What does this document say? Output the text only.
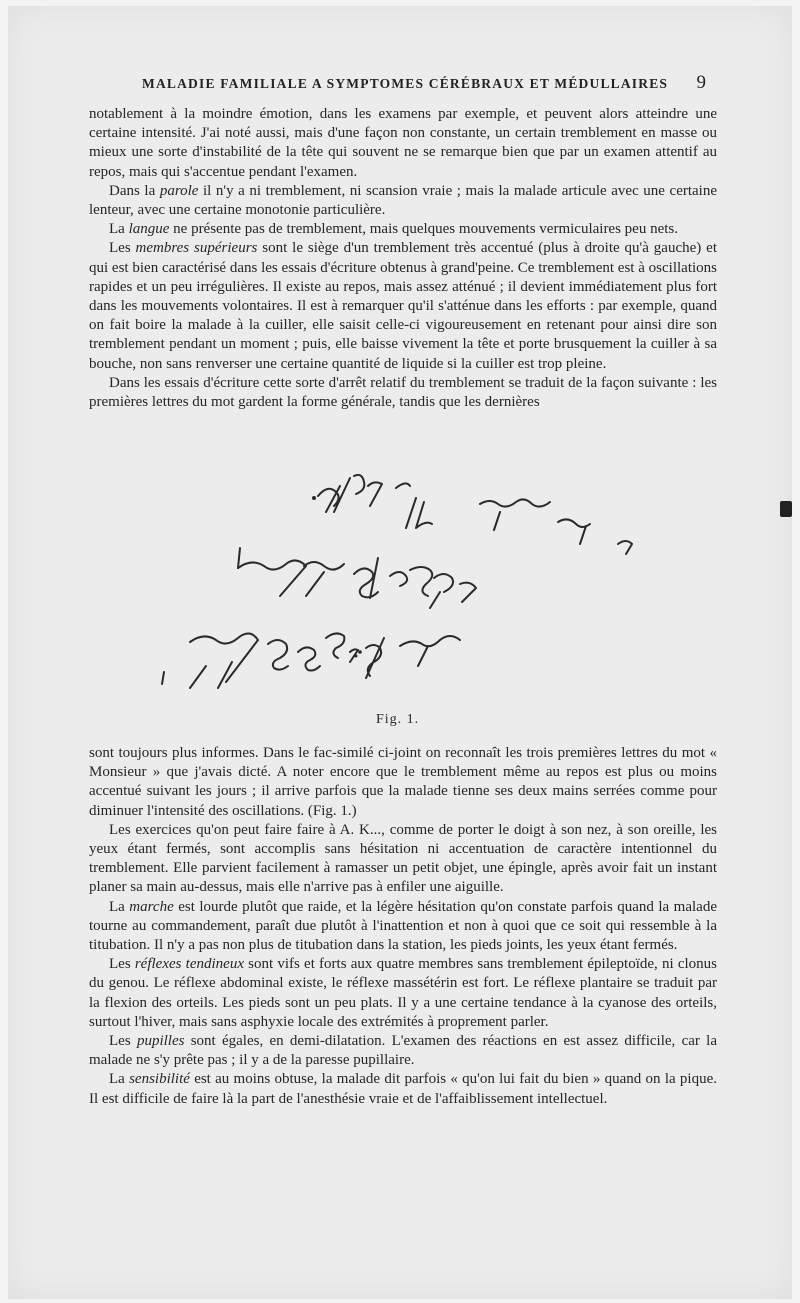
MALADIE FAMILIALE A SYMPTOMES CÉRÉBRAUX ET MÉDULLAIRES 9

notablement à la moindre émotion, dans les examens par exemple, et peuvent alors atteindre une certaine intensité. J'ai noté aussi, mais d'une façon non constante, un certain tremblement en masse ou mieux une sorte d'instabilité de la tête qui souvent ne se remarque bien que par un examen attentif au repos, mais qui s'accentue pendant l'examen.

Dans la parole il n'y a ni tremblement, ni scansion vraie ; mais la malade articule avec une certaine lenteur, avec une certaine monotonie particulière.

La langue ne présente pas de tremblement, mais quelques mouvements vermiculaires peu nets.

Les membres supérieurs sont le siège d'un tremblement très accentué (plus à droite qu'à gauche) et qui est bien caractérisé dans les essais d'écriture obtenus à grand'peine. Ce tremblement est à oscillations rapides et un peu irrégulières. Il existe au repos, mais assez atténué ; il devient immédiatement plus fort dans les mouvements volontaires. Il est à remarquer qu'il s'atténue dans les efforts : par exemple, quand on fait boire la malade à la cuiller, elle saisit celle-ci vigoureusement en retenant pour ainsi dire son tremblement pendant un moment ; puis, elle baisse vivement la tête et porte brusquement la cuiller à sa bouche, non sans renverser une certaine quantité de liquide si la cuiller est trop pleine.

Dans les essais d'écriture cette sorte d'arrêt relatif du tremblement se traduit de la façon suivante : les premières lettres du mot gardent la forme générale, tandis que les dernières

Fig. 1.

sont toujours plus informes. Dans le fac-similé ci-joint on reconnaît les trois premières lettres du mot « Monsieur » que j'avais dicté. A noter encore que le tremblement même au repos est plus ou moins accentué suivant les jours ; il arrive parfois que la malade tienne ses deux mains serrées comme pour diminuer l'intensité des oscillations. (Fig. 1.)

Les exercices qu'on peut faire faire à A. K..., comme de porter le doigt à son nez, à son oreille, les yeux étant fermés, sont accomplis sans hésitation ni accentuation de caractère intentionnel du tremblement. Elle parvient facilement à ramasser un petit objet, une épingle, après avoir fait un instant planer sa main au-dessus, mais elle n'arrive pas à enfiler une aiguille.

La marche est lourde plutôt que raide, et la légère hésitation qu'on constate parfois quand la malade tourne au commandement, paraît due plutôt à l'inattention et non à quoi que ce soit qui ressemble à la titubation. Il n'y a pas non plus de titubation dans la station, les pieds joints, les yeux étant fermés.

Les réflexes tendineux sont vifs et forts aux quatre membres sans tremblement épileptoïde, ni clonus du genou. Le réflexe abdominal existe, le réflexe massétérin est fort. Le réflexe plantaire se traduit par la flexion des orteils. Les pieds sont un peu plats. Il y a une certaine tendance à la cyanose des orteils, surtout l'hiver, mais sans asphyxie locale des extrémités à proprement parler.

Les pupilles sont égales, en demi-dilatation. L'examen des réactions en est assez difficile, car la malade ne s'y prête pas ; il y a de la paresse pupillaire.

La sensibilité est au moins obtuse, la malade dit parfois « qu'on lui fait du bien » quand on la pique. Il est difficile de faire là la part de l'anesthésie vraie et de l'affaiblissement intellectuel.
